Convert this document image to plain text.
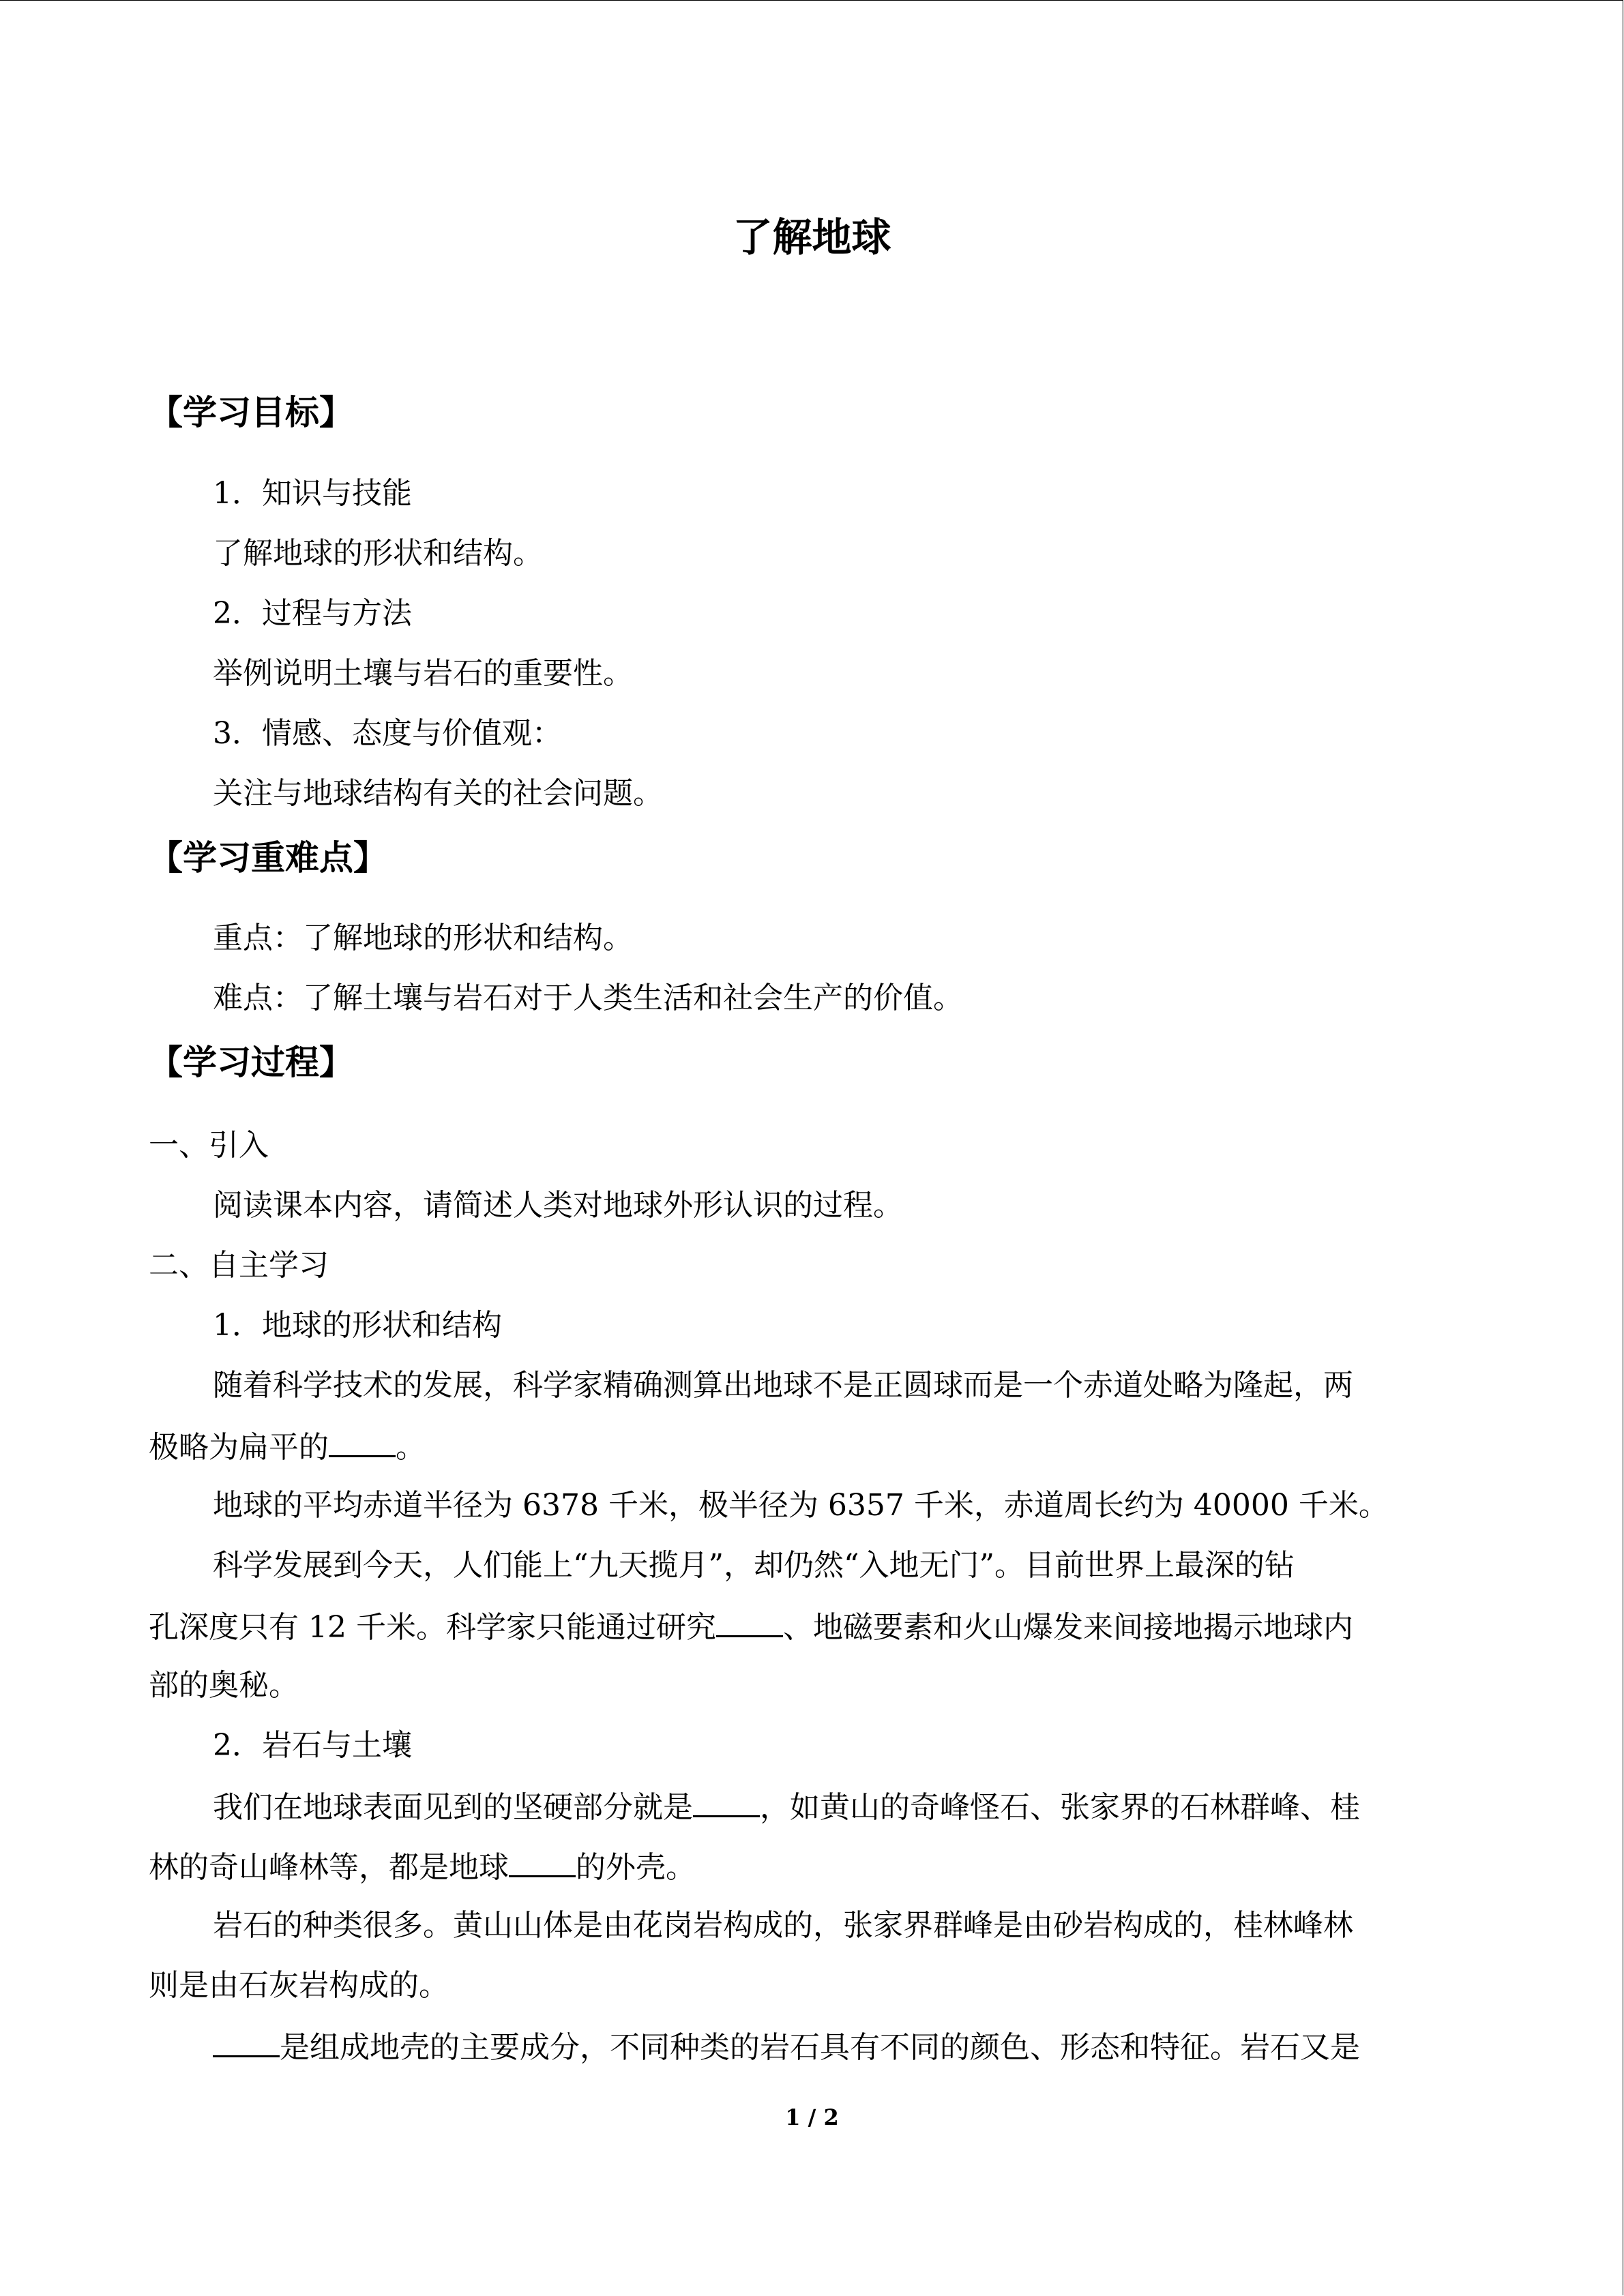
了解地球
【学习目标】
1．知识与技能
了解地球的形状和结构。
2．过程与方法
举例说明土壤与岩石的重要性。
3．情感、态度与价值观：
关注与地球结构有关的社会问题。
【学习重难点】
重点：了解地球的形状和结构。
难点：了解土壤与岩石对于人类生活和社会生产的价值。
【学习过程】
一、引入
阅读课本内容，请简述人类对地球外形认识的过程。
二、自主学习
1．地球的形状和结构
随着科学技术的发展，科学家精确测算出地球不是正圆球而是一个赤道处略为隆起，两
极略为扁平的 。
地球的平均赤道半径为 6378 千米，极半径为 6357 千米，赤道周长约为 40000 千米。
科学发展到今天，人们能上“九天揽月”，却仍然“入地无门”。目前世界上最深的钻
孔深度只有 12 千米。科学家只能通过研究 、地磁要素和火山爆发来间接地揭示地球内
部的奥秘。
2．岩石与土壤
我们在地球表面见到的坚硬部分就是 ，如黄山的奇峰怪石、张家界的石林群峰、桂
林的奇山峰林等，都是地球 的外壳。
岩石的种类很多。黄山山体是由花岗岩构成的，张家界群峰是由砂岩构成的，桂林峰林
则是由石灰岩构成的。
是组成地壳的主要成分，不同种类的岩石具有不同的颜色、形态和特征。岩石又是
1 / 2
